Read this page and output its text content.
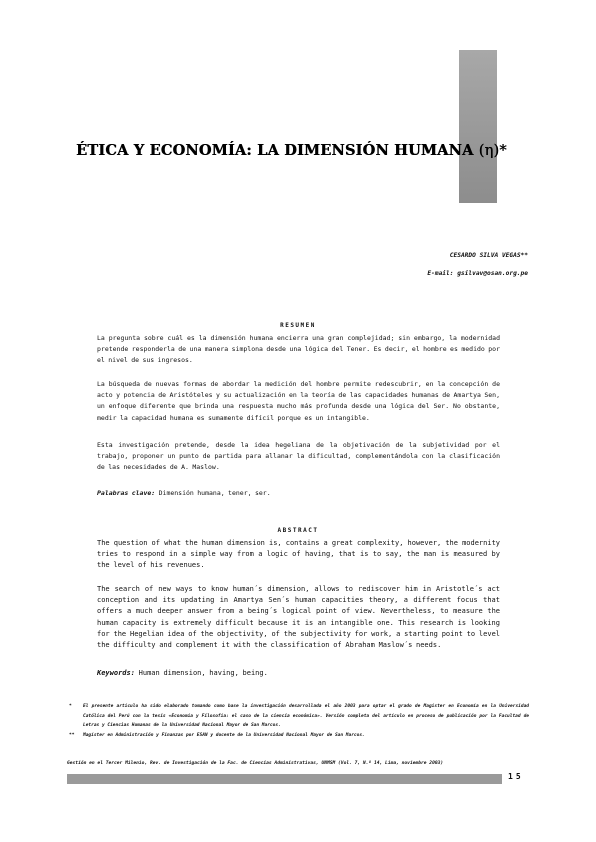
ÉTICA Y ECONOMÍA: LA DIMENSIÓN HUMANA (η)*
CESARDO SILVA VEGAS**
E-mail: gsilvav@osan.org.pe
RESUMEN

La pregunta sobre cuál es la dimensión humana encierra una gran complejidad; sin embargo, la modernidad pretende responderla de una manera simplona desde una lógica del Tener. Es decir, el hombre es medido por el nivel de sus ingresos.

La búsqueda de nuevas formas de abordar la medición del hombre permite redescubrir, en la concepción de acto y potencia de Aristóteles y su actualización en la teoría de las capacidades humanas de Amartya Sen, un enfoque diferente que brinda una respuesta mucho más profunda desde una lógica del Ser. No obstante, medir la capacidad humana es sumamente difícil porque es un intangible.

Esta investigación pretende, desde la idea hegeliana de la objetivación de la subjetividad por el trabajo, proponer un punto de partida para allanar la dificultad, complementándola con la clasificación de las necesidades de A. Maslow.

Palabras clave: Dimensión humana, tener, ser.

ABSTRACT

The question of what the human dimension is, contains a great complexity, however, the modernity tries to respond in a simple way from a logic of having, that is to say, the man is measured by the level of his revenues.

The search of new ways to know human´s dimension, allows to rediscover him in Aristotle´s act conception and its updating in Amartya Sen´s human capacities theory, a different focus that offers a much deeper answer from a being´s logical point of view. Nevertheless, to measure the human capacity is extremely difficult because it is an intangible one. This research is looking for the Hegelian idea of the objectivity, of the subjectivity for work, a starting point to level the difficulty and complement it with the classification of Abraham Maslow´s needs.

Keywords: Human dimension, having, being.

*	El presente artículo ha sido elaborado tomando como base la investigación desarrollada el año 2003 para optar el grado de Magíster en Economía en la Universidad Católica del Perú con la tesis «Economía y Filosofía: el caso de la ciencia económica». Versión completa del artículo en proceso de publicación por la Facultad de Letras y Ciencias Humanas de la Universidad Nacional Mayor de San Marcos.
** Magíster en Administración y Finanzas por ESAN y docente de la Universidad Nacional Mayor de San Marcos.
Gestión en el Tercer Milenio, Rev. de Investigación de la Fac. de Ciencias Administrativas, UNMSM (Vol. 7, N.º 14, Lima, noviembre 2003)
15
